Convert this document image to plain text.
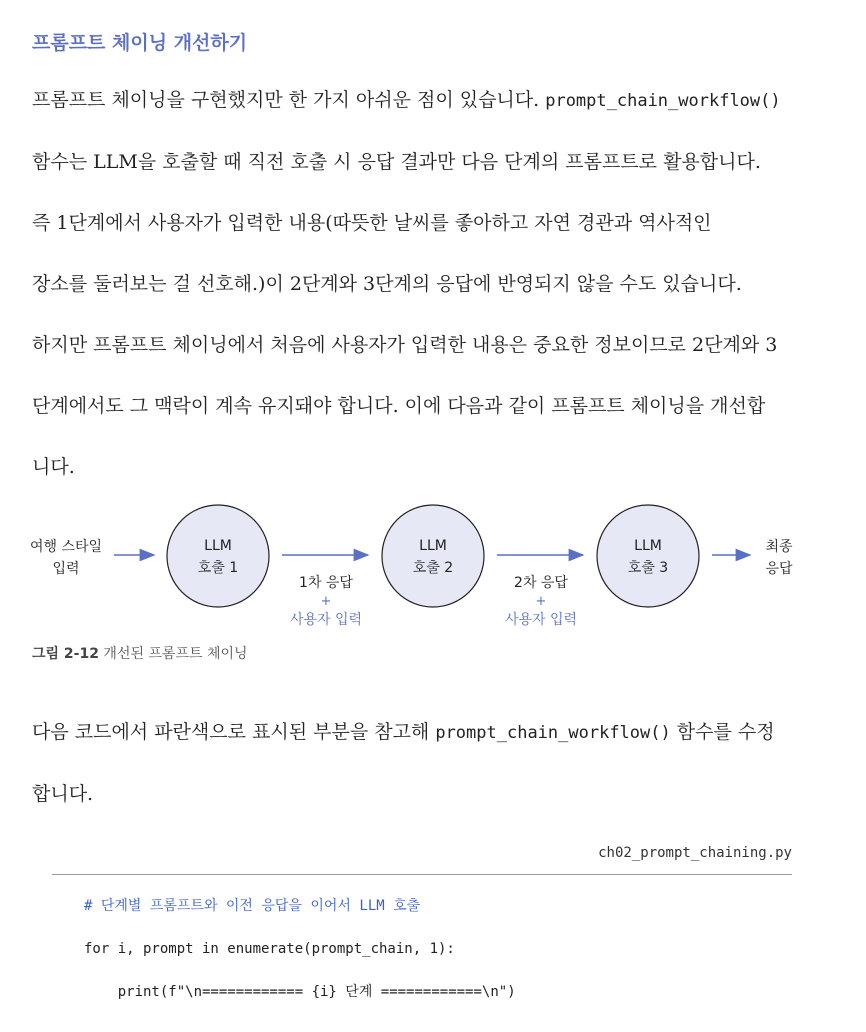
프롬프트 체이닝 개선하기
프롬프트 체이닝을 구현했지만 한 가지 아쉬운 점이 있습니다. prompt_chain_workflow()
함수는 LLM을 호출할 때 직전 호출 시 응답 결과만 다음 단계의 프롬프트로 활용합니다.
즉 1단계에서 사용자가 입력한 내용(따뜻한 날씨를 좋아하고 자연 경관과 역사적인
장소를 둘러보는 걸 선호해.)이 2단계와 3단계의 응답에 반영되지 않을 수도 있습니다.
하지만 프롬프트 체이닝에서 처음에 사용자가 입력한 내용은 중요한 정보이므로 2단계와 3
단계에서도 그 맥락이 계속 유지돼야 합니다. 이에 다음과 같이 프롬프트 체이닝을 개선합
니다.
여행 스타일
입력
LLM
호출 1
1차 응답
+
사용자 입력
LLM
호출 2
2차 응답
+
사용자 입력
LLM
호출 3
최종
응답
그림 2-12 개선된 프롬프트 체이닝
다음 코드에서 파란색으로 표시된 부분을 참고해 prompt_chain_workflow() 함수를 수정
합니다.
ch02_prompt_chaining.py
# 단계별 프롬프트와 이전 응답을 이어서 LLM 호출
for i, prompt in enumerate(prompt_chain, 1):
print(f"\n============ {i} 단계 ============\n")
